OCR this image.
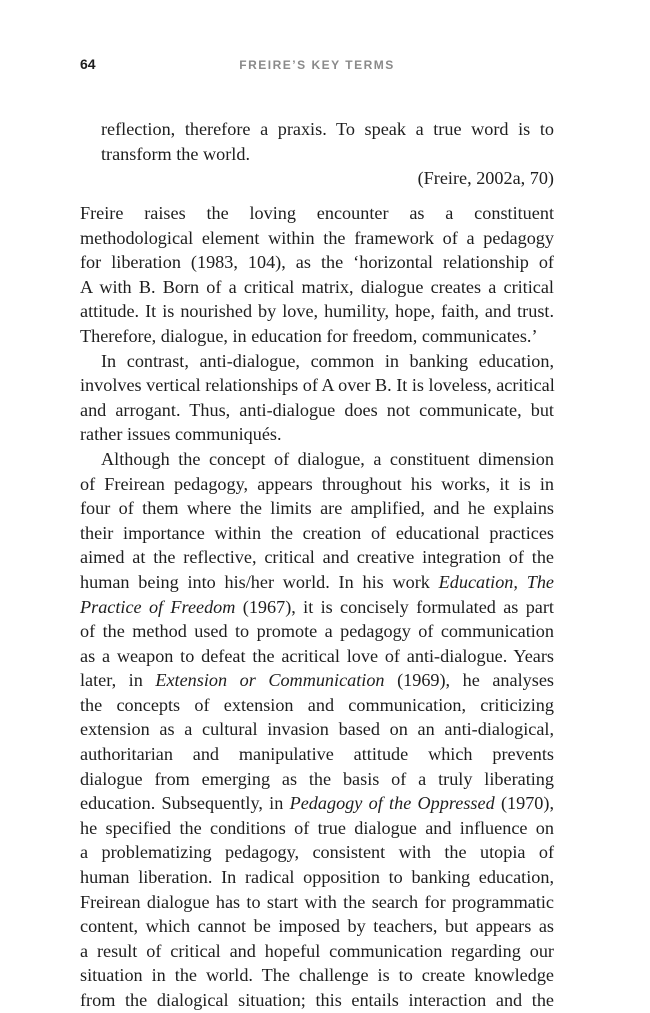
64	FREIRE’S KEY TERMS
reflection, therefore a praxis. To speak a true word is to
transform the world.
(Freire, 2002a, 70)
Freire raises the loving encounter as a constituent
methodological element within the framework of a pedagogy
for liberation (1983, 104), as the ‘horizontal relationship of
A with B. Born of a critical matrix, dialogue creates a critical
attitude. It is nourished by love, humility, hope, faith, and trust.
Therefore, dialogue, in education for freedom, communicates.’
In contrast, anti-dialogue, common in banking education,
involves vertical relationships of A over B. It is loveless, acritical
and arrogant. Thus, anti-dialogue does not communicate, but
rather issues communiqués.
Although the concept of dialogue, a constituent dimension
of Freirean pedagogy, appears throughout his works, it is in
four of them where the limits are amplified, and he explains
their importance within the creation of educational practices
aimed at the reflective, critical and creative integration of the
human being into his/her world. In his work Education, The
Practice of Freedom (1967), it is concisely formulated as part
of the method used to promote a pedagogy of communication
as a weapon to defeat the acritical love of anti-dialogue. Years
later, in Extension or Communication (1969), he analyses
the concepts of extension and communication, criticizing
extension as a cultural invasion based on an anti-dialogical,
authoritarian and manipulative attitude which prevents
dialogue from emerging as the basis of a truly liberating
education. Subsequently, in Pedagogy of the Oppressed (1970),
he specified the conditions of true dialogue and influence on
a problematizing pedagogy, consistent with the utopia of
human liberation. In radical opposition to banking education,
Freirean dialogue has to start with the search for programmatic
content, which cannot be imposed by teachers, but appears as
a result of critical and hopeful communication regarding our
situation in the world. The challenge is to create knowledge
from the dialogical situation; this entails interaction and the
